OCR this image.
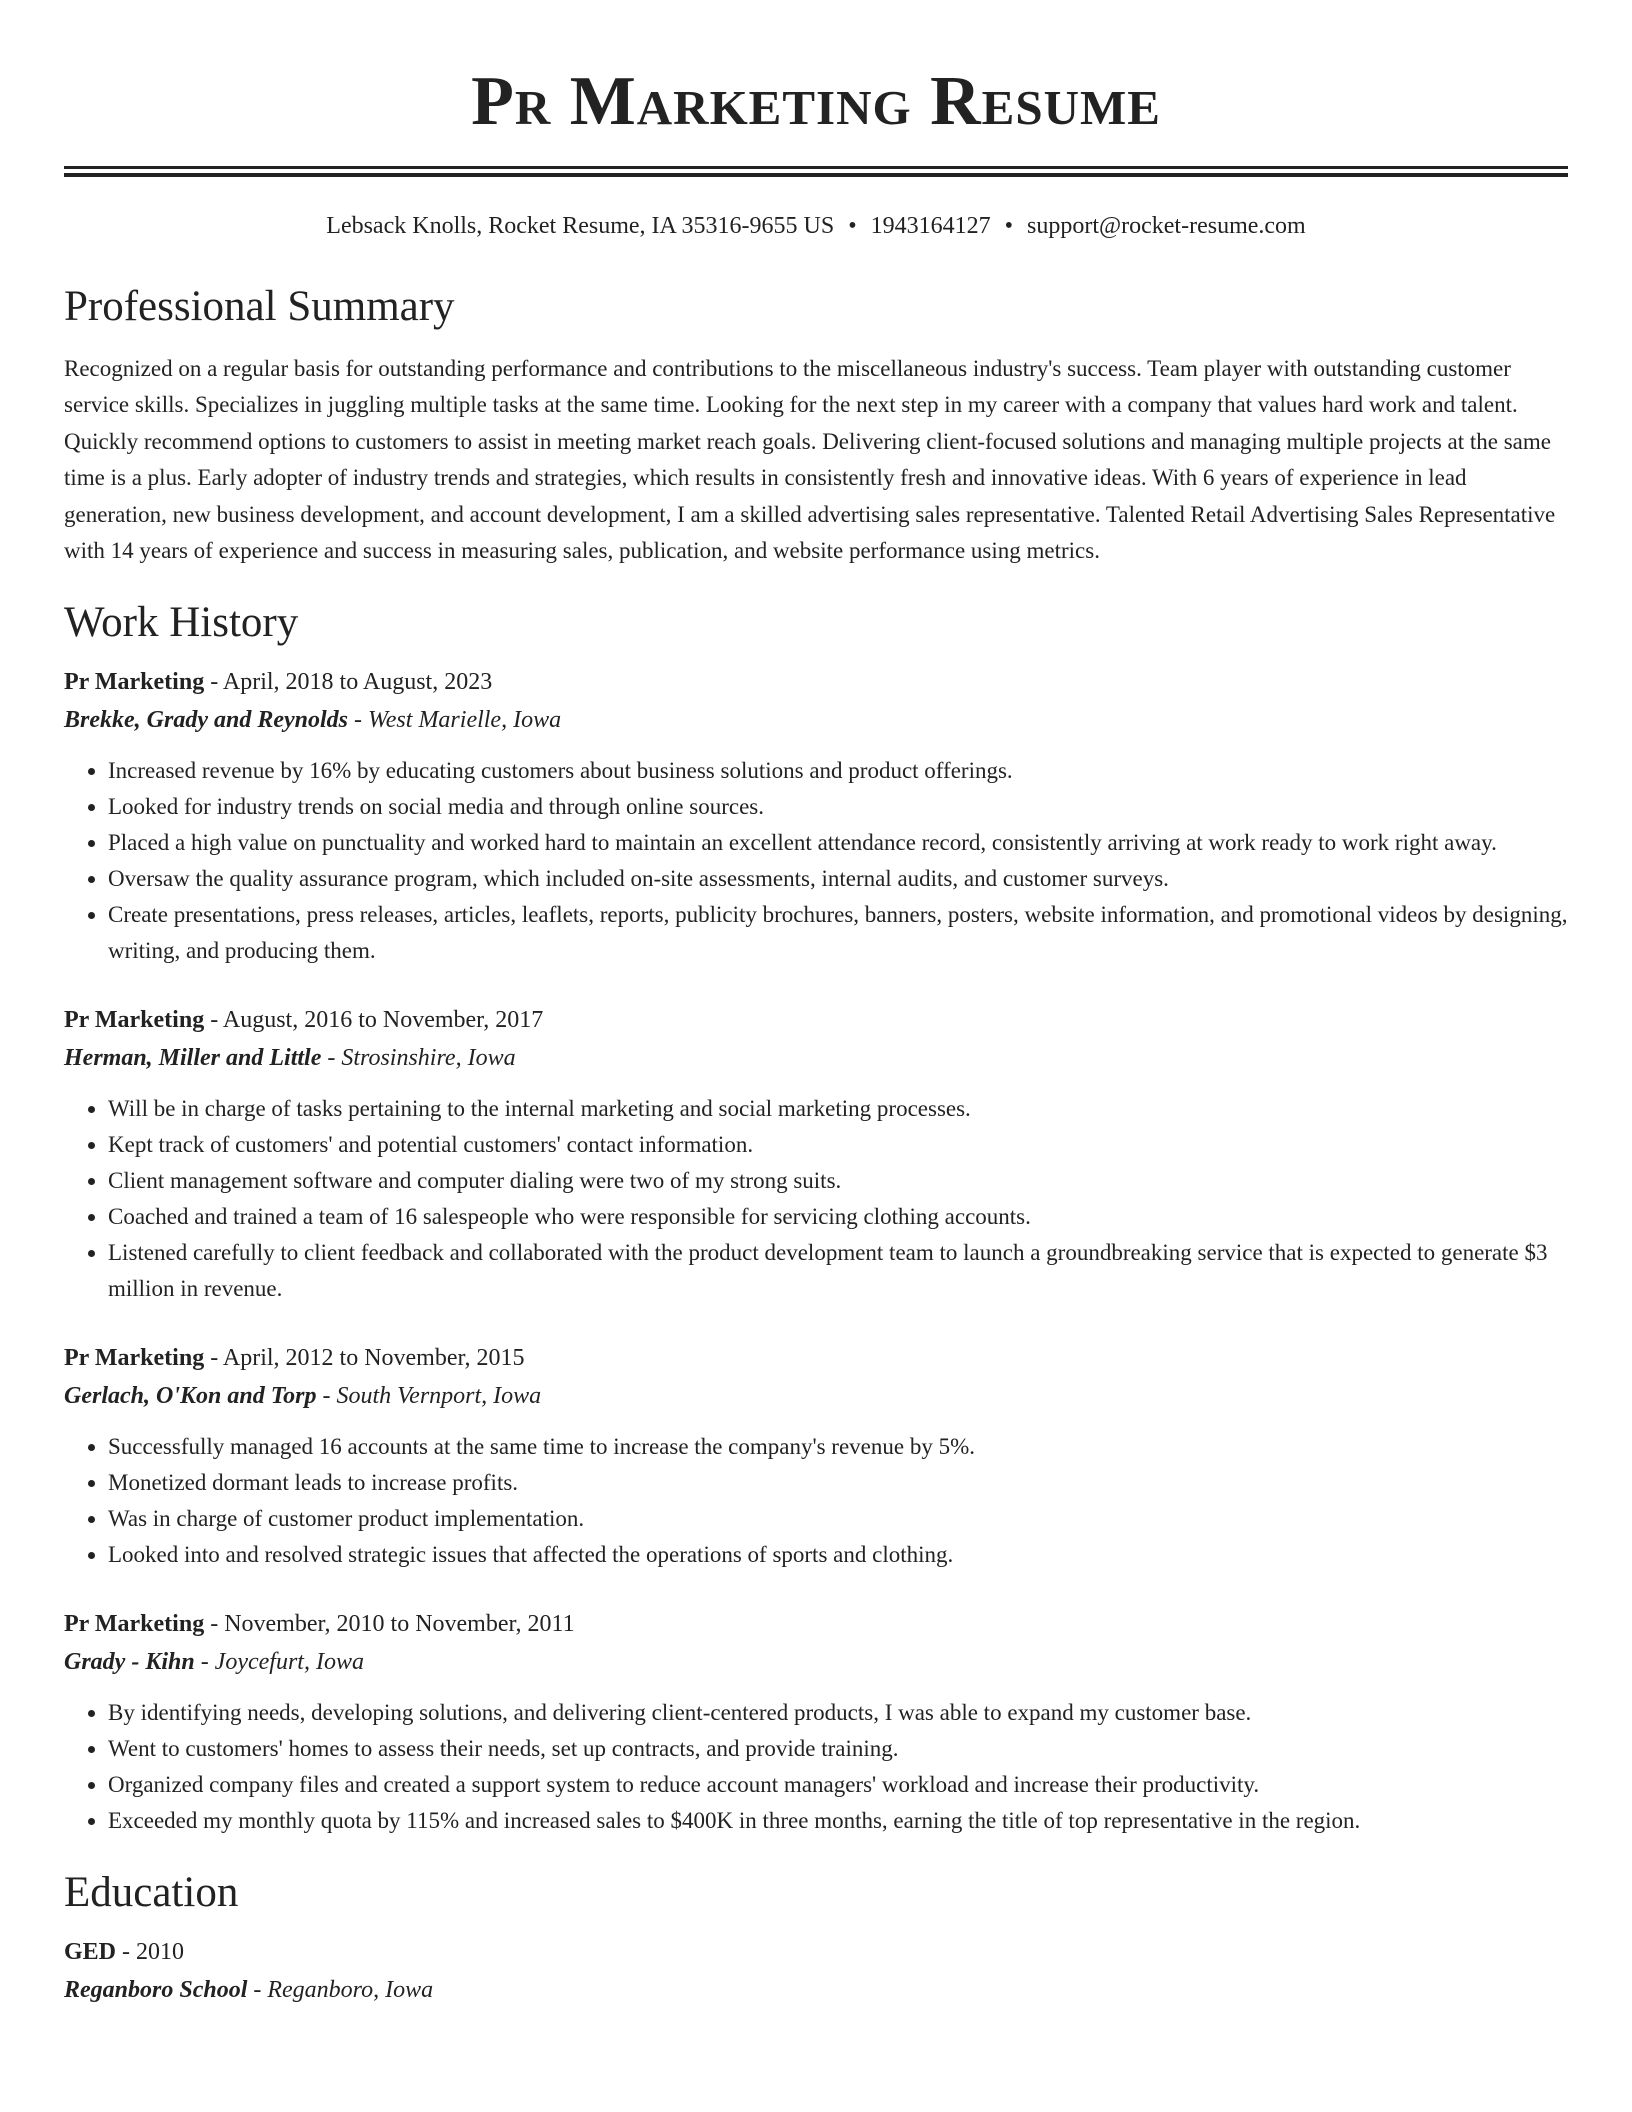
Pr Marketing Resume
Lebsack Knolls, Rocket Resume, IA 35316-9655 US • 1943164127 • support@rocket-resume.com
Professional Summary
Recognized on a regular basis for outstanding performance and contributions to the miscellaneous industry's success. Team player with outstanding customer service skills. Specializes in juggling multiple tasks at the same time. Looking for the next step in my career with a company that values hard work and talent. Quickly recommend options to customers to assist in meeting market reach goals. Delivering client-focused solutions and managing multiple projects at the same time is a plus. Early adopter of industry trends and strategies, which results in consistently fresh and innovative ideas. With 6 years of experience in lead generation, new business development, and account development, I am a skilled advertising sales representative. Talented Retail Advertising Sales Representative with 14 years of experience and success in measuring sales, publication, and website performance using metrics.
Work History
Pr Marketing - April, 2018 to August, 2023
Brekke, Grady and Reynolds - West Marielle, Iowa
• Increased revenue by 16% by educating customers about business solutions and product offerings.
• Looked for industry trends on social media and through online sources.
• Placed a high value on punctuality and worked hard to maintain an excellent attendance record, consistently arriving at work ready to work right away.
• Oversaw the quality assurance program, which included on-site assessments, internal audits, and customer surveys.
• Create presentations, press releases, articles, leaflets, reports, publicity brochures, banners, posters, website information, and promotional videos by designing, writing, and producing them.
Pr Marketing - August, 2016 to November, 2017
Herman, Miller and Little - Strosinshire, Iowa
• Will be in charge of tasks pertaining to the internal marketing and social marketing processes.
• Kept track of customers' and potential customers' contact information.
• Client management software and computer dialing were two of my strong suits.
• Coached and trained a team of 16 salespeople who were responsible for servicing clothing accounts.
• Listened carefully to client feedback and collaborated with the product development team to launch a groundbreaking service that is expected to generate $3 million in revenue.
Pr Marketing - April, 2012 to November, 2015
Gerlach, O'Kon and Torp - South Vernport, Iowa
• Successfully managed 16 accounts at the same time to increase the company's revenue by 5%.
• Monetized dormant leads to increase profits.
• Was in charge of customer product implementation.
• Looked into and resolved strategic issues that affected the operations of sports and clothing.
Pr Marketing - November, 2010 to November, 2011
Grady - Kihn - Joycefurt, Iowa
• By identifying needs, developing solutions, and delivering client-centered products, I was able to expand my customer base.
• Went to customers' homes to assess their needs, set up contracts, and provide training.
• Organized company files and created a support system to reduce account managers' workload and increase their productivity.
• Exceeded my monthly quota by 115% and increased sales to $400K in three months, earning the title of top representative in the region.
Education
GED - 2010
Reganboro School - Reganboro, Iowa
